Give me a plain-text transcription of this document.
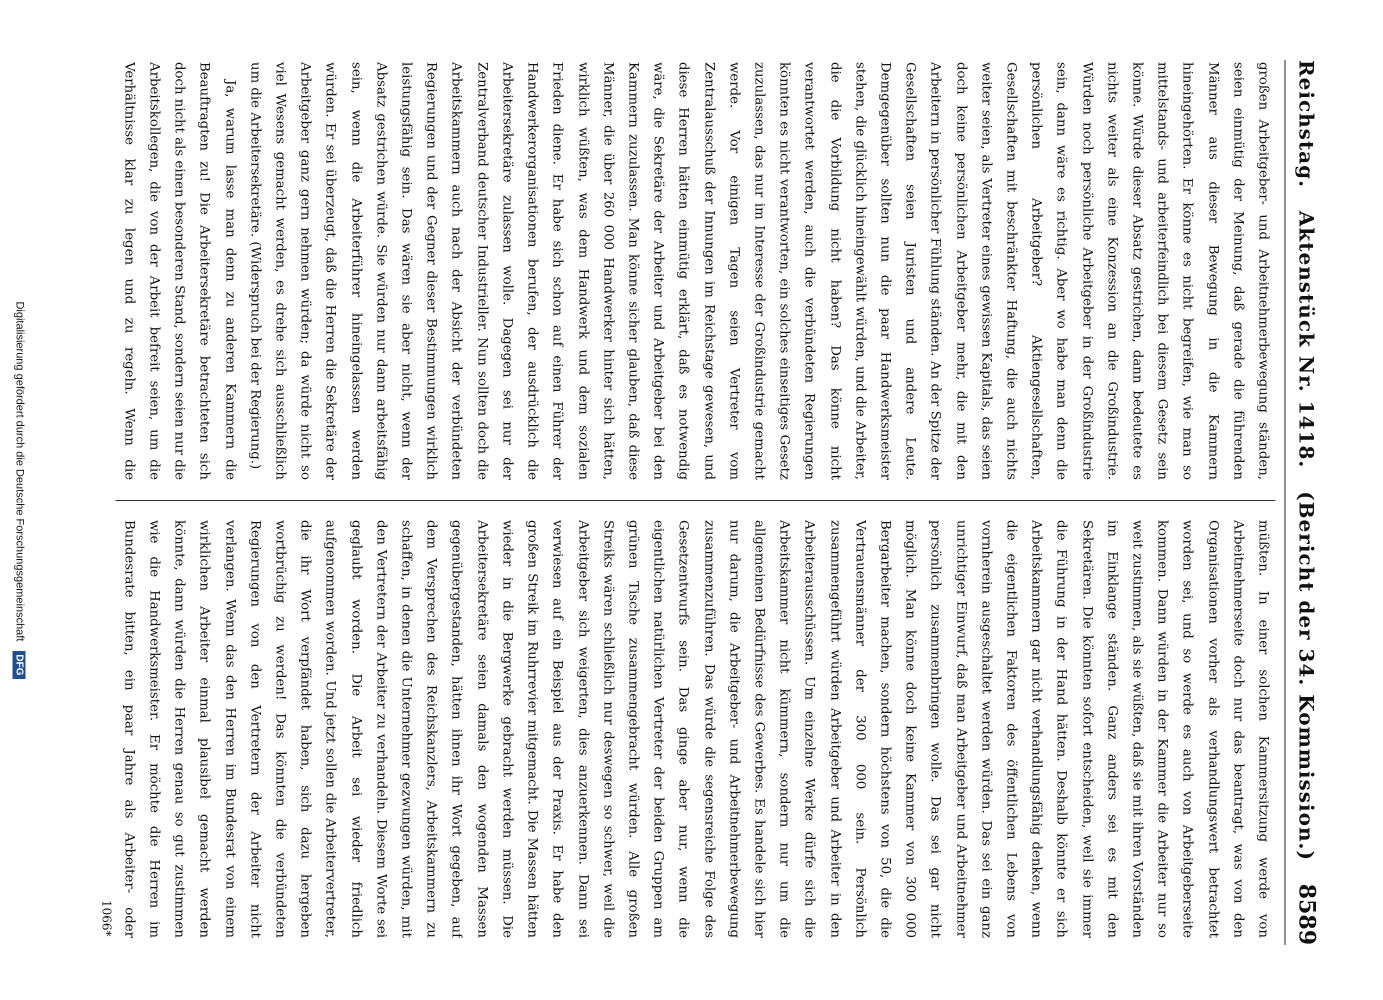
Reichstag.
Aktenstück Nr. 1418.
(Bericht der 34. Kommission.)
8589

großen Arbeitgeber- und Arbeitnehmerbewegung ständen, seien einmütig der Meinung, daß gerade die führenden Männer aus dieser Bewegung in die Kammern hineingehörten. Er könne es nicht begreifen, wie man so mittelstands- und arbeiterfeindlich bei diesem Gesetz sein könne. Würde dieser Absatz gestrichen, dann bedeutete es nichts weiter als eine Konzession an die Großindustrie. Würden noch persönliche Arbeitgeber in der Großindustrie sein, dann wäre es richtig. Aber wo habe man denn die persönlichen Arbeitgeber? Aktiengesellschaften, Gesellschaften mit beschränkter Haftung, die auch nichts weiter seien, als Vertreter eines gewissen Kapitals, das seien doch keine persönlichen Arbeitgeber mehr, die mit den Arbeitern in persönlicher Fühlung ständen. An der Spitze der Gesellschaften seien Juristen und andere Leute. Demgegenüber sollten nun die paar Handwerksmeister stehen, die glücklich hineingewählt würden, und die Arbeiter, die die Vorbildung nicht haben? Das könne nicht verantwortet werden, auch die verbündeten Regierungen könnten es nicht verantworten, ein solches einseitiges Gesetz zuzulassen, das nur im Interesse der Großindustrie gemacht werde. Vor einigen Tagen seien Vertreter vom Zentralausschuß der Innungen im Reichstage gewesen, und diese Herren hätten einmütig erklärt, daß es notwendig wäre, die Sekretäre der Arbeiter und Arbeitgeber bei den Kammern zuzulassen. Man könne sicher glauben, daß diese Männer, die über 260 000 Handwerker hinter sich hätten, wirklich wüßten, was dem Handwerk und dem sozialen Frieden diene. Er habe sich schon auf einen Führer der Handwerkerorganisationen berufen, der ausdrücklich die Arbeitersekretäre zulassen wolle. Dagegen sei nur der Zentralverband deutscher Industrieller. Nun sollten doch die Arbeitskammern auch nach der Absicht der verbündeten Regierungen und der Gegner dieser Bestimmungen wirklich leistungsfähig sein. Das wären sie aber nicht, wenn der Absatz gestrichen würde. Sie würden nur dann arbeitsfähig sein, wenn die Arbeiterführer hineingelassen werden würden. Er sei überzeugt, daß die Herren die Sekretäre der Arbeitgeber ganz gern nehmen würden; da würde nicht so viel Wesens gemacht werden, es drehe sich ausschließlich um die Arbeitersekretäre. (Widerspruch bei der Regierung.)

Ja, warum lasse man denn zu anderen Kammern die Beauftragten zu! Die Arbeitersekretäre betrachteten sich doch nicht als einen besonderen Stand, sondern seien nur die Arbeitskollegen, die von der Arbeit befreit seien, um die Verhältnisse klar zu legen und zu regeln. Wenn die

müßten. In einer solchen Kammersitzung werde von Arbeitnehmerseite doch nur das beantragt, was von den Organisationen vorher als verhandlungswert betrachtet worden sei, und so werde es auch von Arbeitgeberseite kommen. Dann würden in der Kammer die Arbeiter nur so weit zustimmen, als sie wüßten, daß sie mit ihren Vorständen im Einklange ständen. Ganz anders sei es mit den Sekretären. Die könnten sofort entscheiden, weil sie immer die Führung in der Hand hätten. Deshalb könnte er sich Arbeitskammern gar nicht verhandlungsfähig denken, wenn die eigentlichen Faktoren des öffentlichen Lebens von vornherein ausgeschaltet werden würden. Das sei ein ganz unrichtiger Einwurf, daß man Arbeitgeber und Arbeitnehmer persönlich zusammenbringen wolle. Das sei gar nicht möglich. Man könne doch keine Kammer von 300 000 Bergarbeiter machen, sondern höchstens von 50, die die Vertrauensmänner der 300 000 sein. Persönlich zusammengeführt würden Arbeitgeber und Arbeiter in den Arbeiterausschüssen. Um einzelne Werke dürfe sich die Arbeitskammer nicht kümmern, sondern nur um die allgemeinen Bedürfnisse des Gewerbes. Es handele sich hier nur darum, die Arbeitgeber- und Arbeitnehmerbewegung zusammenzuführen. Das würde die segensreiche Folge des Gesetzentwurfs sein. Das ginge aber nur, wenn die eigentlichen natürlichen Vertreter der beiden Gruppen am grünen Tische zusammengebracht würden. Alle großen Streiks wären schließlich nur deswegen so schwer, weil die Arbeitgeber sich weigerten, dies anzuerkennen. Dann sei verwiesen auf ein Beispiel aus der Praxis. Er habe den großen Streik im Ruhrrevier mitgemacht. Die Massen hätten wieder in die Bergwerke gebracht werden müssen. Die Arbeitersekretäre seien damals den wogenden Massen gegenübergestanden, hätten ihnen ihr Wort gegeben, auf dem Versprechen des Reichskanzlers, Arbeitskammern zu schaffen, in denen die Unternehmer gezwungen würden, mit den Vertretern der Arbeiter zu verhandeln. Diesem Worte sei geglaubt worden. Die Arbeit sei wieder friedlich aufgenommen worden. Und jetzt sollen die Arbeitervertreter, die ihr Wort verpfändet haben, sich dazu hergeben wortbrüchig zu werden! Das könnten die verbündeten Regierungen von den Vertretern der Arbeiter nicht verlangen. Wenn das den Herren im Bundesrat von einem wirklichen Arbeiter einmal plausibel gemacht werden könnte, dann würden die Herren genau so gut zustimmen wie die Handwerksmeister. Er möchte die Herren im Bundesrate bitten, ein paar Jahre als Arbeiter- oder

1066*
Digitalisierung gefördert durch die Deutsche Forschungsgemeinschaft
DFG
